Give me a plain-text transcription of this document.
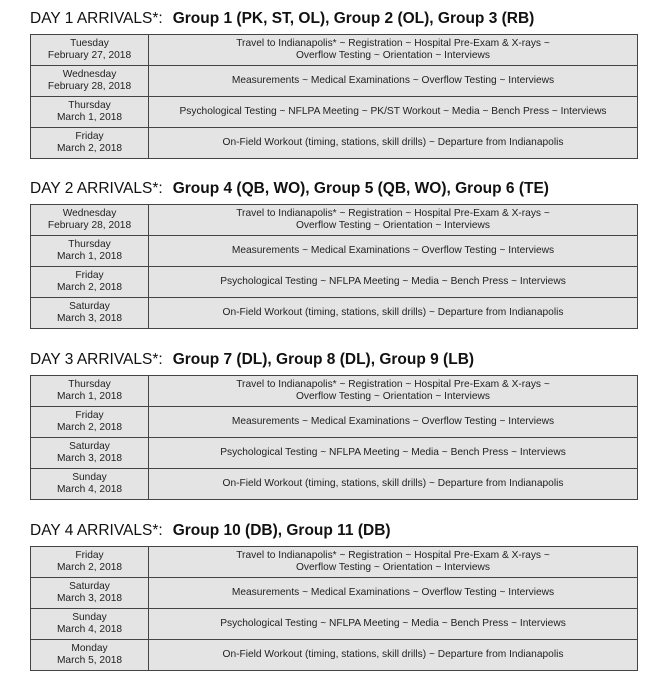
DAY 1 ARRIVALS*: Group 1 (PK, ST, OL), Group 2 (OL), Group 3 (RB)
Tuesday
February 27, 2018	Travel to Indianapolis* ~ Registration ~ Hospital Pre-Exam & X-rays ~
Overflow Testing ~ Orientation ~ Interviews

Wednesday
February 28, 2018	Measurements ~ Medical Examinations ~ Overflow Testing ~ Interviews

Thursday
March 1, 2018	Psychological Testing ~ NFLPA Meeting ~ PK/ST Workout ~ Media ~ Bench Press ~ Interviews

Friday
March 2, 2018	On-Field Workout (timing, stations, skill drills) ~ Departure from Indianapolis
DAY 2 ARRIVALS*: Group 4 (QB, WO), Group 5 (QB, WO), Group 6 (TE)
Wednesday
February 28, 2018	Travel to Indianapolis* ~ Registration ~ Hospital Pre-Exam & X-rays ~
Overflow Testing ~ Orientation ~ Interviews

Thursday
March 1, 2018	Measurements ~ Medical Examinations ~ Overflow Testing ~ Interviews

Friday
March 2, 2018	Psychological Testing ~ NFLPA Meeting ~ Media ~ Bench Press ~ Interviews

Saturday
March 3, 2018	On-Field Workout (timing, stations, skill drills) ~ Departure from Indianapolis
DAY 3 ARRIVALS*: Group 7 (DL), Group 8 (DL), Group 9 (LB)
Thursday
March 1, 2018	Travel to Indianapolis* ~ Registration ~ Hospital Pre-Exam & X-rays ~
Overflow Testing ~ Orientation ~ Interviews

Friday
March 2, 2018	Measurements ~ Medical Examinations ~ Overflow Testing ~ Interviews

Saturday
March 3, 2018	Psychological Testing ~ NFLPA Meeting ~ Media ~ Bench Press ~ Interviews

Sunday
March 4, 2018	On-Field Workout (timing, stations, skill drills) ~ Departure from Indianapolis
DAY 4 ARRIVALS*: Group 10 (DB), Group 11 (DB)
Friday
March 2, 2018	Travel to Indianapolis* ~ Registration ~ Hospital Pre-Exam & X-rays ~
Overflow Testing ~ Orientation ~ Interviews

Saturday
March 3, 2018	Measurements ~ Medical Examinations ~ Overflow Testing ~ Interviews

Sunday
March 4, 2018	Psychological Testing ~ NFLPA Meeting ~ Media ~ Bench Press ~ Interviews

Monday
March 5, 2018	On-Field Workout (timing, stations, skill drills) ~ Departure from Indianapolis
